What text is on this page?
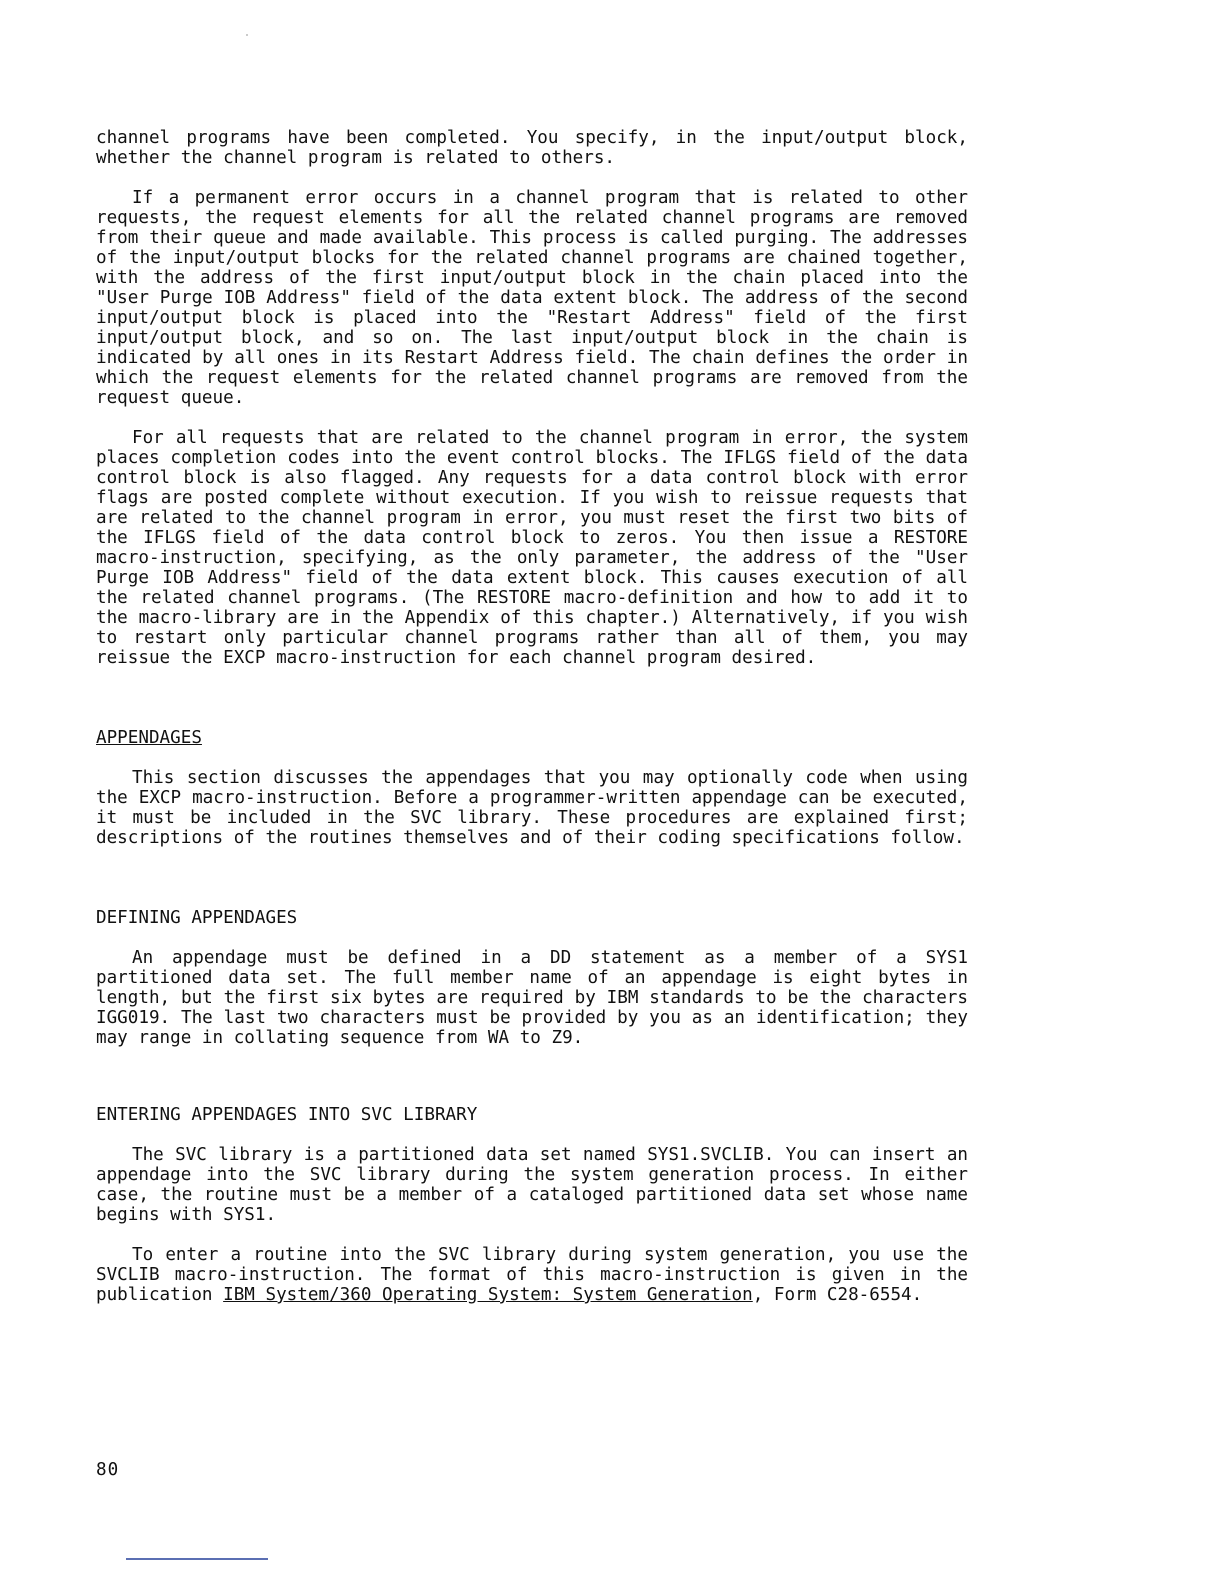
channel programs have been completed. You specify, in the input/output block, whether the channel program is related to others.

If a permanent error occurs in a channel program that is related to other requests, the request elements for all the related channel programs are removed from their queue and made available. This process is called purging. The addresses of the input/output blocks for the related channel programs are chained together, with the address of the first input/output block in the chain placed into the "User Purge IOB Address" field of the data extent block. The address of the second input/output block is placed into the "Restart Address" field of the first input/output block, and so on. The last input/output block in the chain is indicated by all ones in its Restart Address field. The chain defines the order in which the request elements for the related channel programs are removed from the request queue.

For all requests that are related to the channel program in error, the system places completion codes into the event control blocks. The IFLGS field of the data control block is also flagged. Any requests for a data control block with error flags are posted complete without execution. If you wish to reissue requests that are related to the channel program in error, you must reset the first two bits of the IFLGS field of the data control block to zeros. You then issue a RESTORE macro-instruction, specifying, as the only parameter, the address of the "User Purge IOB Address" field of the data extent block. This causes execution of all the related channel programs. (The RESTORE macro-definition and how to add it to the macro-library are in the Appendix of this chapter.) Alternatively, if you wish to restart only particular channel programs rather than all of them, you may reissue the EXCP macro-instruction for each channel program desired.

APPENDAGES

This section discusses the appendages that you may optionally code when using the EXCP macro-instruction. Before a programmer-written appendage can be executed, it must be included in the SVC library. These procedures are explained first; descriptions of the routines themselves and of their coding specifications follow.

DEFINING APPENDAGES

An appendage must be defined in a DD statement as a member of a SYS1 partitioned data set. The full member name of an appendage is eight bytes in length, but the first six bytes are required by IBM standards to be the characters IGG019. The last two characters must be provided by you as an identification; they may range in collating sequence from WA to Z9.

ENTERING APPENDAGES INTO SVC LIBRARY

The SVC library is a partitioned data set named SYS1.SVCLIB. You can insert an appendage into the SVC library during the system generation process. In either case, the routine must be a member of a cataloged partitioned data set whose name begins with SYS1.

To enter a routine into the SVC library during system generation, you use the SVCLIB macro-instruction. The format of this macro-instruction is given in the publication IBM System/360 Operating System: System Generation, Form C28-6554.

80
